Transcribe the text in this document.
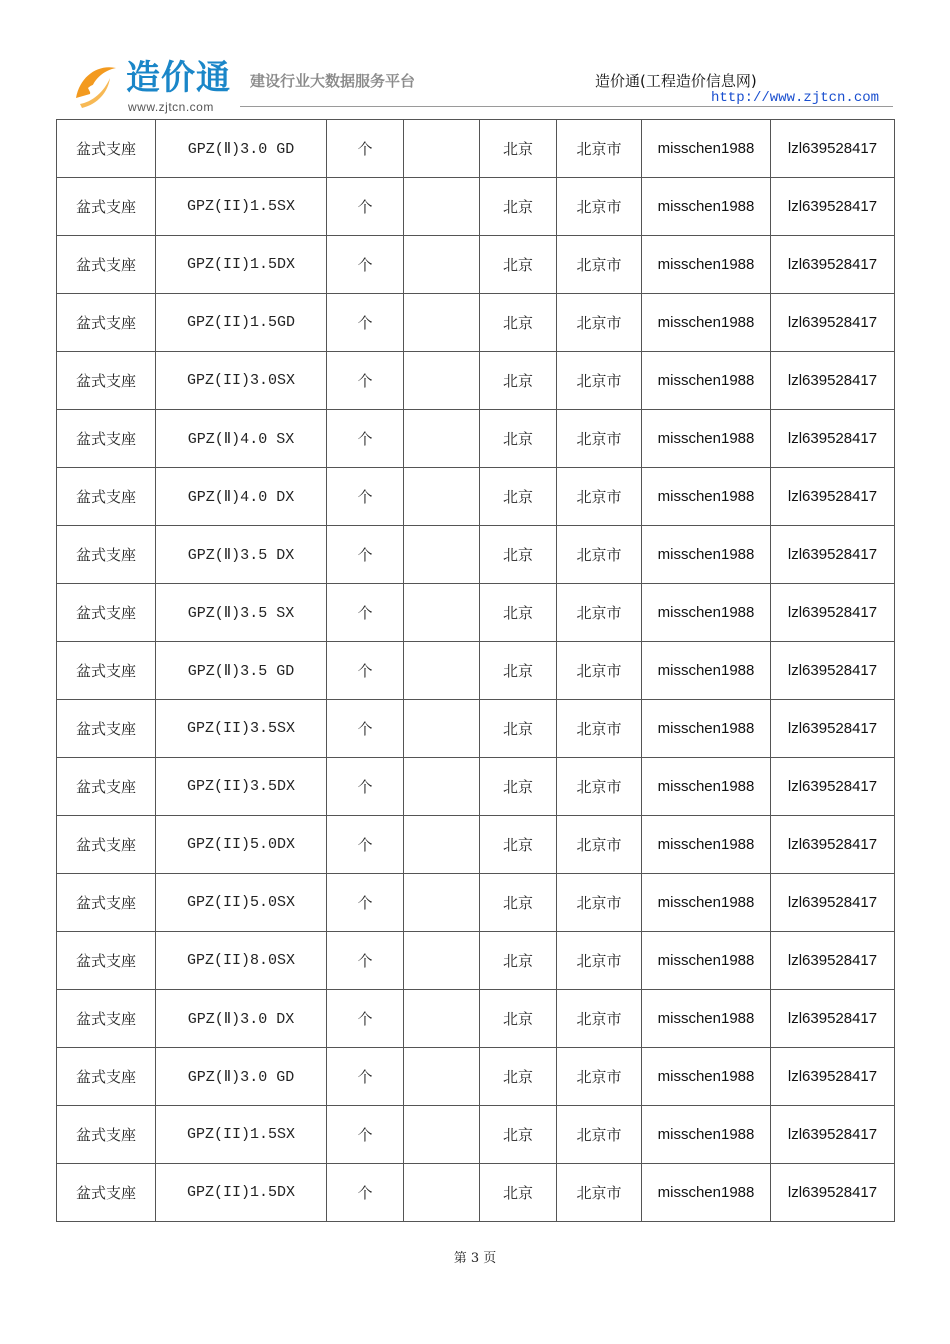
造价通
www.zjtcn.com
建设行业大数据服务平台	造价通(工程造价信息网)
http://www.zjtcn.com
盆式支座	GPZ(Ⅱ)3.0 GD	个		北京	北京市	misschen1988	lzl639528417
盆式支座	GPZ(II)1.5SX	个		北京	北京市	misschen1988	lzl639528417
盆式支座	GPZ(II)1.5DX	个		北京	北京市	misschen1988	lzl639528417
盆式支座	GPZ(II)1.5GD	个		北京	北京市	misschen1988	lzl639528417
盆式支座	GPZ(II)3.0SX	个		北京	北京市	misschen1988	lzl639528417
盆式支座	GPZ(Ⅱ)4.0 SX	个		北京	北京市	misschen1988	lzl639528417
盆式支座	GPZ(Ⅱ)4.0 DX	个		北京	北京市	misschen1988	lzl639528417
盆式支座	GPZ(Ⅱ)3.5 DX	个		北京	北京市	misschen1988	lzl639528417
盆式支座	GPZ(Ⅱ)3.5 SX	个		北京	北京市	misschen1988	lzl639528417
盆式支座	GPZ(Ⅱ)3.5 GD	个		北京	北京市	misschen1988	lzl639528417
盆式支座	GPZ(II)3.5SX	个		北京	北京市	misschen1988	lzl639528417
盆式支座	GPZ(II)3.5DX	个		北京	北京市	misschen1988	lzl639528417
盆式支座	GPZ(II)5.0DX	个		北京	北京市	misschen1988	lzl639528417
盆式支座	GPZ(II)5.0SX	个		北京	北京市	misschen1988	lzl639528417
盆式支座	GPZ(II)8.0SX	个		北京	北京市	misschen1988	lzl639528417
盆式支座	GPZ(Ⅱ)3.0 DX	个		北京	北京市	misschen1988	lzl639528417
盆式支座	GPZ(Ⅱ)3.0 GD	个		北京	北京市	misschen1988	lzl639528417
盆式支座	GPZ(II)1.5SX	个		北京	北京市	misschen1988	lzl639528417
盆式支座	GPZ(II)1.5DX	个		北京	北京市	misschen1988	lzl639528417
第 3 页
